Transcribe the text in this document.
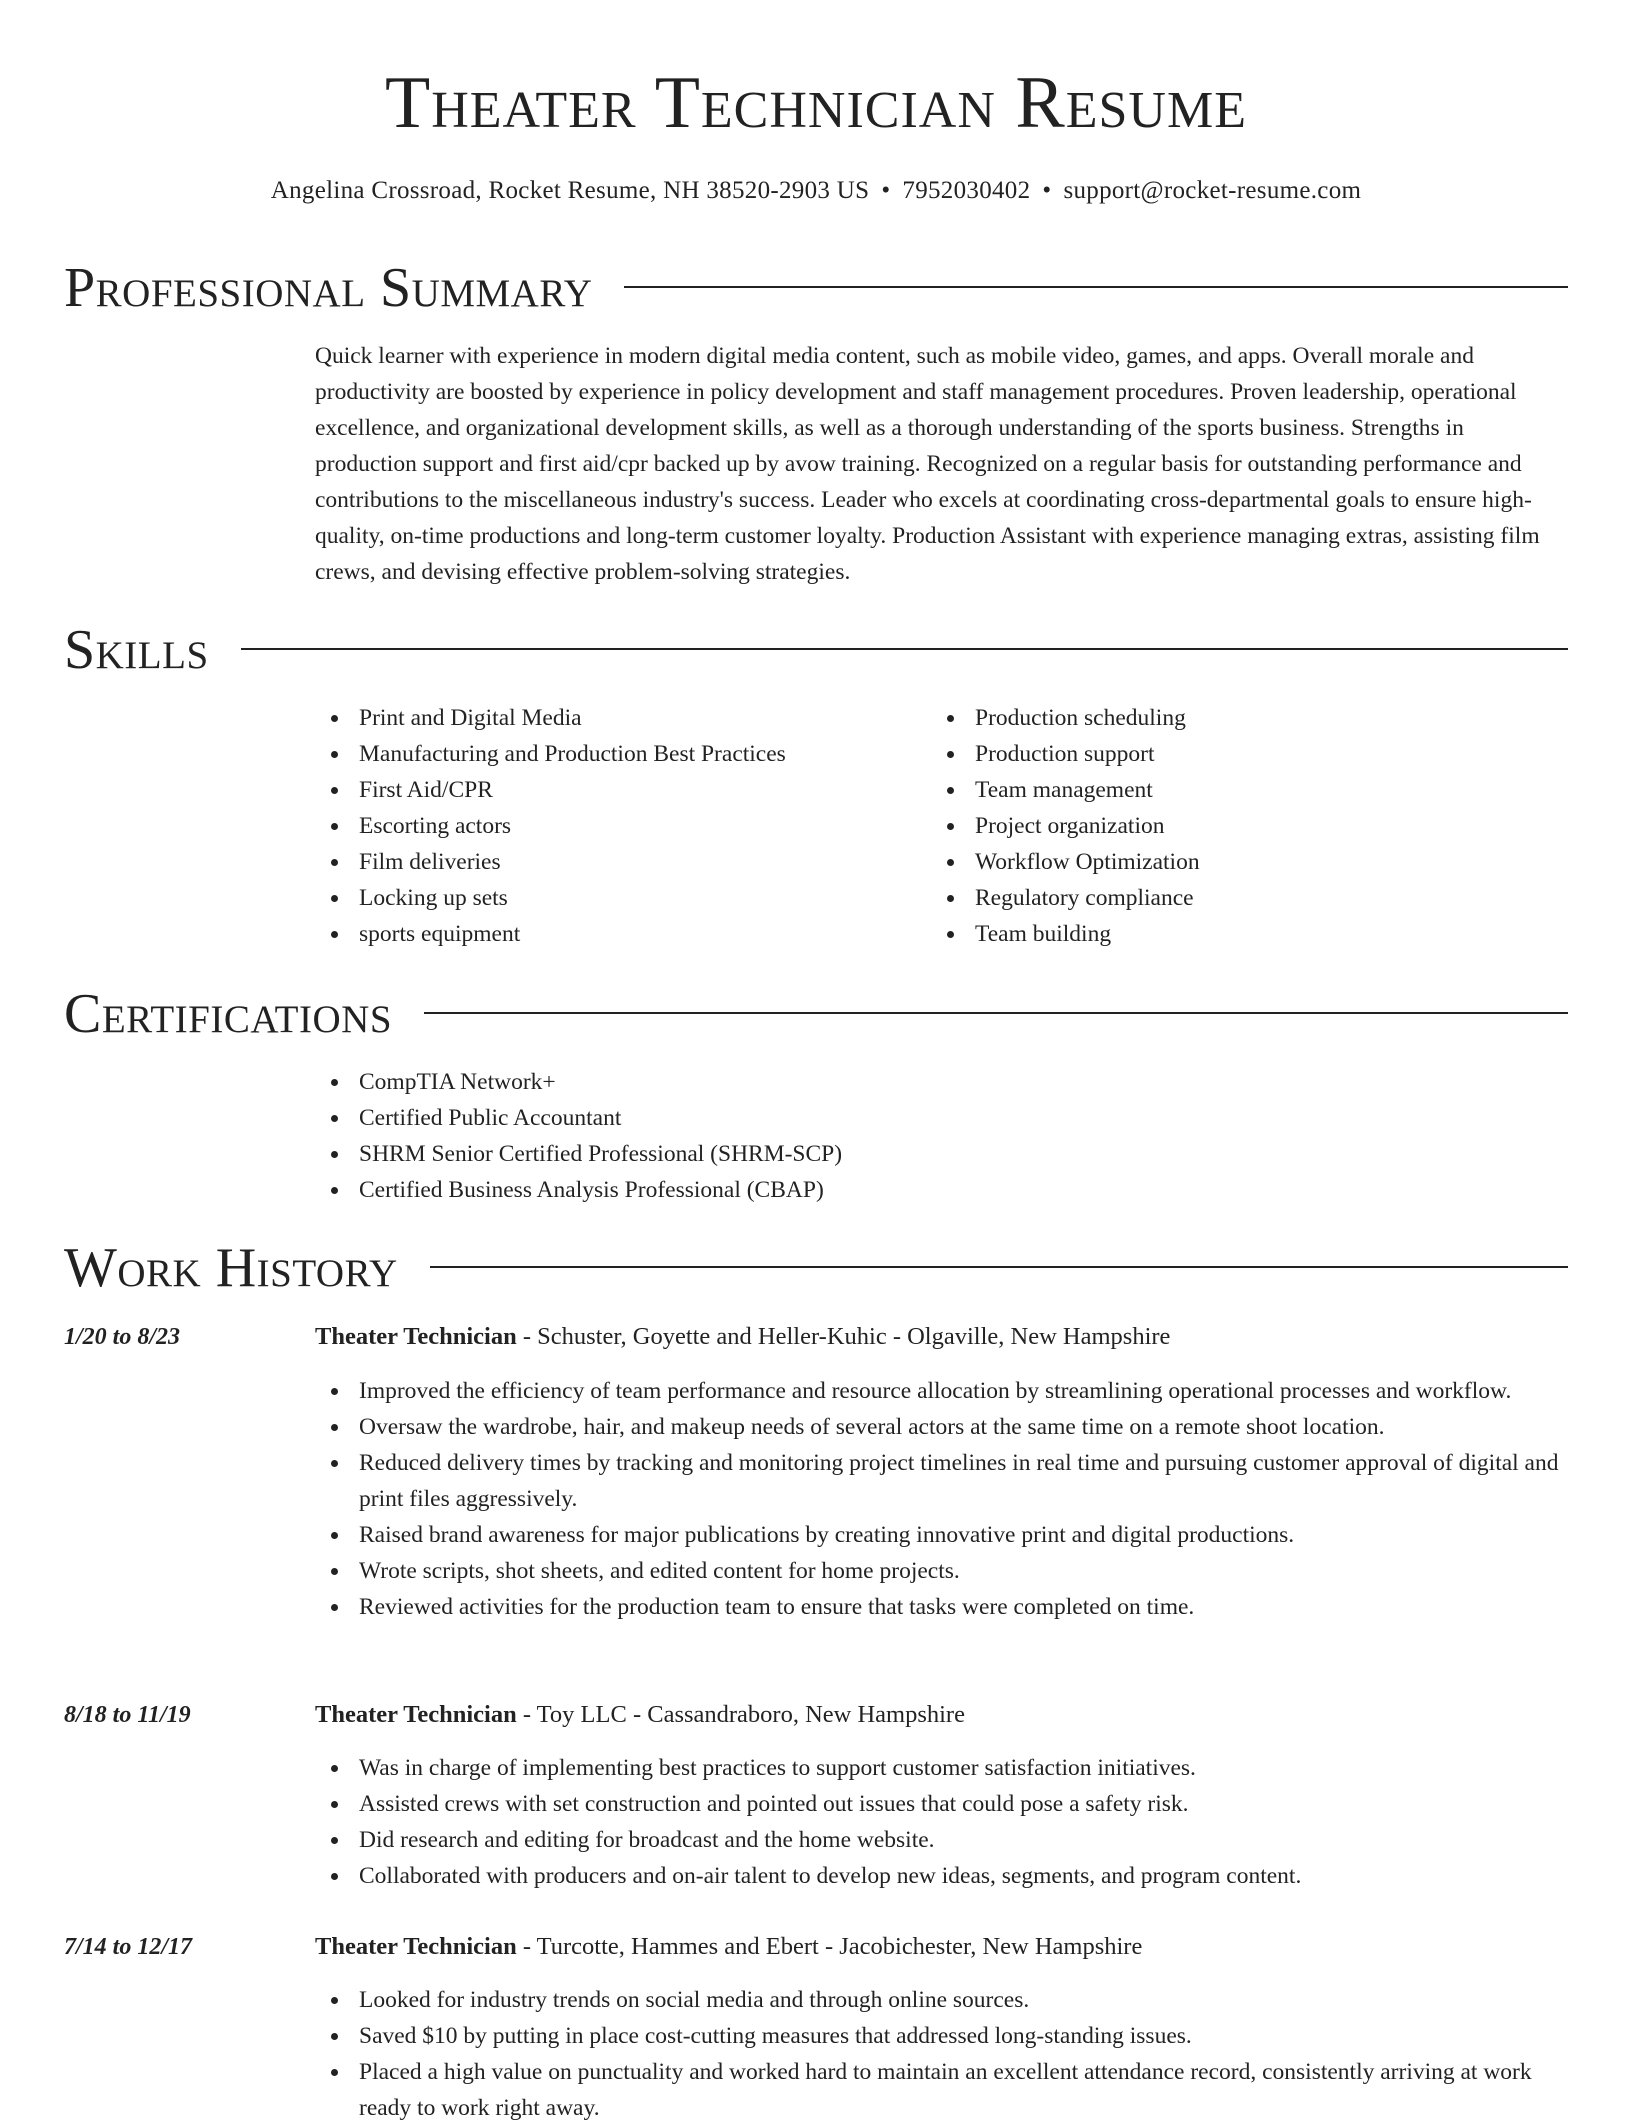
Theater Technician Resume
Angelina Crossroad, Rocket Resume, NH 38520-2903 US • 7952030402 • support@rocket-resume.com
Professional Summary

Quick learner with experience in modern digital media content, such as mobile video, games, and apps. Overall morale and productivity are boosted by experience in policy development and staff management procedures. Proven leadership, operational excellence, and organizational development skills, as well as a thorough understanding of the sports business. Strengths in production support and first aid/cpr backed up by avow training. Recognized on a regular basis for outstanding performance and contributions to the miscellaneous industry's success. Leader who excels at coordinating cross-departmental goals to ensure high-quality, on-time productions and long-term customer loyalty. Production Assistant with experience managing extras, assisting film crews, and devising effective problem-solving strategies.

Skills
Print and Digital Media
Manufacturing and Production Best Practices
First Aid/CPR
Escorting actors
Film deliveries
Locking up sets
sports equipment
Production scheduling
Production support
Team management
Project organization
Workflow Optimization
Regulatory compliance
Team building
Certifications
CompTIA Network+
Certified Public Accountant
SHRM Senior Certified Professional (SHRM-SCP)
Certified Business Analysis Professional (CBAP)
Work History
1/20 to 8/23	Theater Technician - Schuster, Goyette and Heller-Kuhic - Olgaville, New Hampshire
Improved the efficiency of team performance and resource allocation by streamlining operational processes and workflow.
Oversaw the wardrobe, hair, and makeup needs of several actors at the same time on a remote shoot location.
Reduced delivery times by tracking and monitoring project timelines in real time and pursuing customer approval of digital and print files aggressively.
Raised brand awareness for major publications by creating innovative print and digital productions.
Wrote scripts, shot sheets, and edited content for home projects.
Reviewed activities for the production team to ensure that tasks were completed on time.
8/18 to 11/19	Theater Technician - Toy LLC - Cassandraboro, New Hampshire
Was in charge of implementing best practices to support customer satisfaction initiatives.
Assisted crews with set construction and pointed out issues that could pose a safety risk.
Did research and editing for broadcast and the home website.
Collaborated with producers and on-air talent to develop new ideas, segments, and program content.
7/14 to 12/17	Theater Technician - Turcotte, Hammes and Ebert - Jacobichester, New Hampshire
Looked for industry trends on social media and through online sources.
Saved $10 by putting in place cost-cutting measures that addressed long-standing issues.
Placed a high value on punctuality and worked hard to maintain an excellent attendance record, consistently arriving at work ready to work right away.
